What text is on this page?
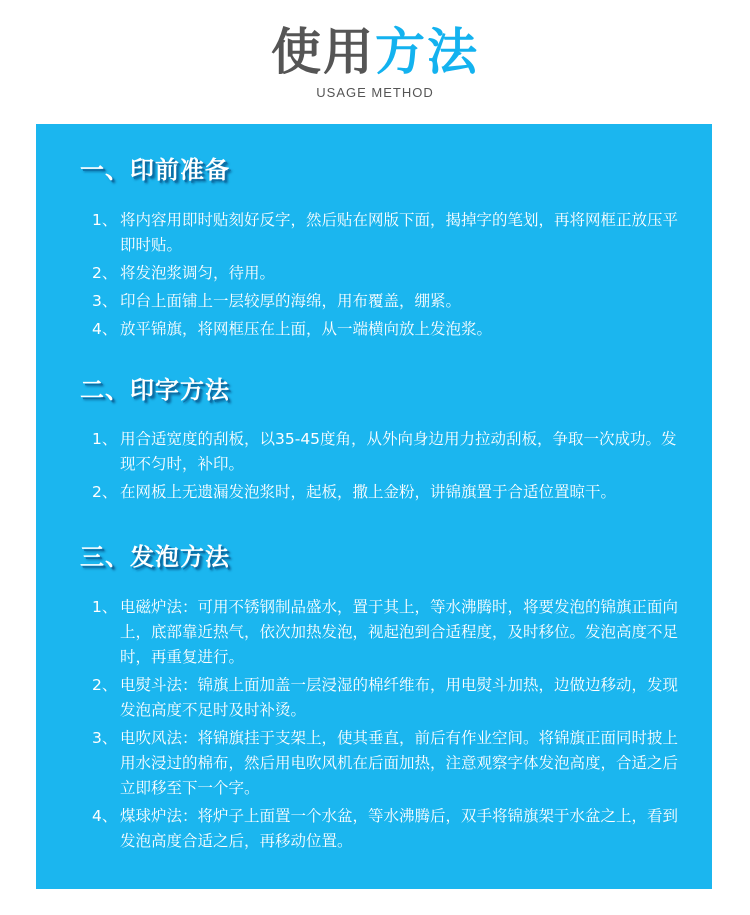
使用方法
USAGE METHOD
一、印前准备
1、 将内容用即时贴刻好反字，然后贴在网版下面，揭掉字的笔划，再将网框正放压平即时贴。
2、 将发泡浆调匀，待用。
3、 印台上面铺上一层较厚的海绵，用布覆盖，绷紧。
4、 放平锦旗，将网框压在上面，从一端横向放上发泡浆。
二、印字方法
1、 用合适宽度的刮板，以35-45度角，从外向身边用力拉动刮板，争取一次成功。发现不匀时，补印。
2、 在网板上无遗漏发泡浆时，起板，撒上金粉，讲锦旗置于合适位置晾干。
三、发泡方法
1、 电磁炉法：可用不锈钢制品盛水，置于其上，等水沸腾时，将要发泡的锦旗正面向上，底部靠近热气，依次加热发泡，视起泡到合适程度，及时移位。发泡高度不足时，再重复进行。
2、 电熨斗法：锦旗上面加盖一层浸湿的棉纤维布，用电熨斗加热，边做边移动，发现发泡高度不足时及时补烫。
3、 电吹风法：将锦旗挂于支架上，使其垂直，前后有作业空间。将锦旗正面同时披上用水浸过的棉布，然后用电吹风机在后面加热，注意观察字体发泡高度，合适之后立即移至下一个字。
4、 煤球炉法：将炉子上面置一个水盆，等水沸腾后，双手将锦旗架于水盆之上，看到发泡高度合适之后，再移动位置。
